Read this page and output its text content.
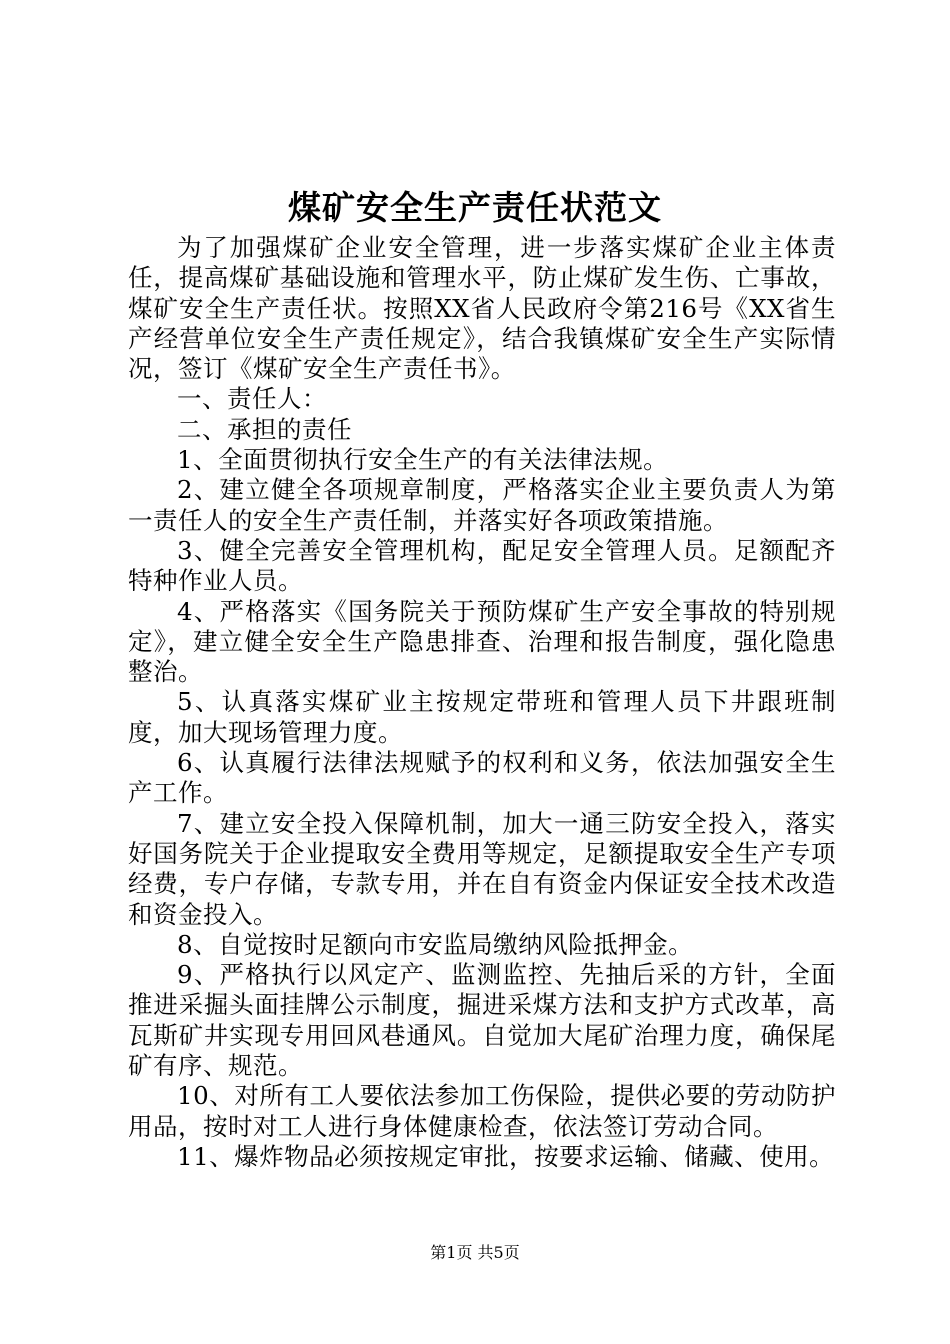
煤矿安全生产责任状范文

为了加强煤矿企业安全管理，进一步落实煤矿企业主体责任，提高煤矿基础设施和管理水平，防止煤矿发生伤、亡事故，煤矿安全生产责任状。按照XX省人民政府令第216号《XX省生产经营单位安全生产责任规定》，结合我镇煤矿安全生产实际情况，签订《煤矿安全生产责任书》。

一、责任人：

二、承担的责任

1、全面贯彻执行安全生产的有关法律法规。

2、建立健全各项规章制度，严格落实企业主要负责人为第一责任人的安全生产责任制，并落实好各项政策措施。

3、健全完善安全管理机构，配足安全管理人员。足额配齐特种作业人员。

4、严格落实《国务院关于预防煤矿生产安全事故的特别规定》，建立健全安全生产隐患排查、治理和报告制度，强化隐患整治。

5、认真落实煤矿业主按规定带班和管理人员下井跟班制度，加大现场管理力度。

6、认真履行法律法规赋予的权利和义务，依法加强安全生产工作。

7、建立安全投入保障机制，加大一通三防安全投入，落实好国务院关于企业提取安全费用等规定，足额提取安全生产专项经费，专户存储，专款专用，并在自有资金内保证安全技术改造和资金投入。

8、自觉按时足额向市安监局缴纳风险抵押金。

9、严格执行以风定产、监测监控、先抽后采的方针，全面推进采掘头面挂牌公示制度，掘进采煤方法和支护方式改革，高瓦斯矿井实现专用回风巷通风。自觉加大尾矿治理力度，确保尾矿有序、规范。

10、对所有工人要依法参加工伤保险，提供必要的劳动防护用品，按时对工人进行身体健康检查，依法签订劳动合同。

11、爆炸物品必须按规定审批，按要求运输、储藏、使用。

第1页 共5页
